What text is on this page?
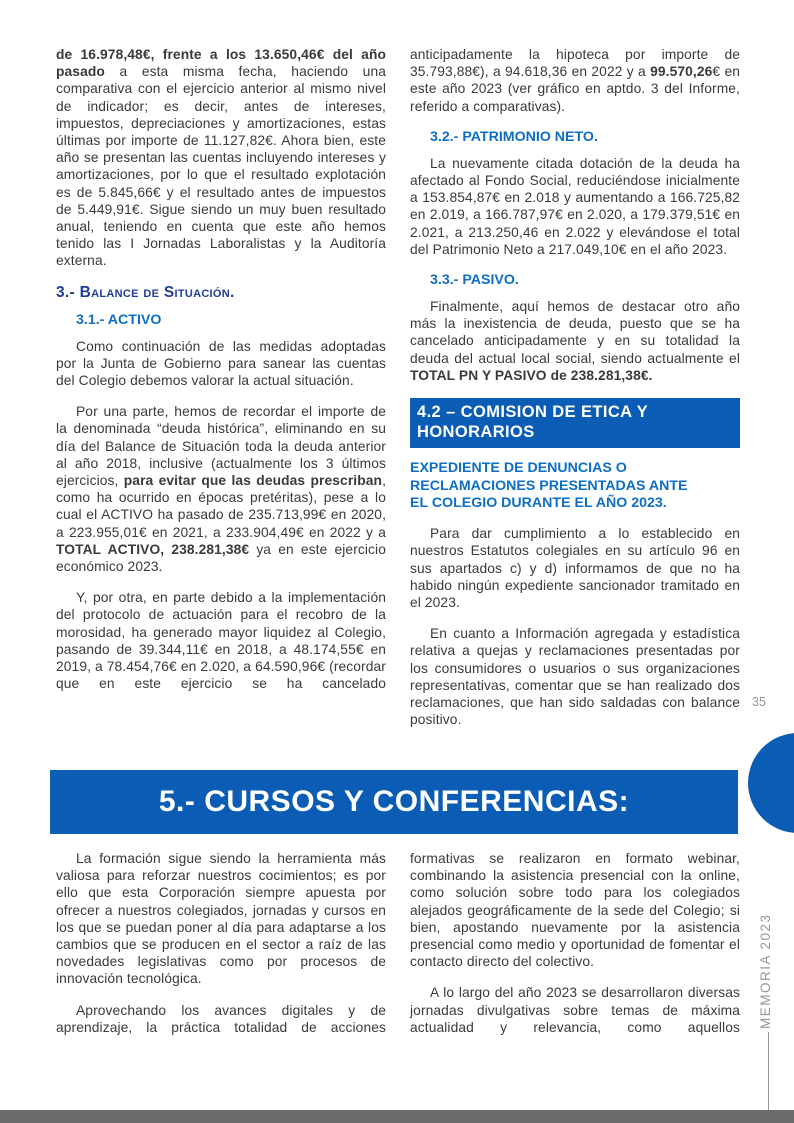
de 16.978,48€, frente a los 13.650,46€ del año pasado a esta misma fecha, haciendo una comparativa con el ejercicio anterior al mismo nivel de indicador; es decir, antes de intereses, impuestos, depreciaciones y amortizaciones, estas últimas por importe de 11.127,82€. Ahora bien, este año se presentan las cuentas incluyendo intereses y amortizaciones, por lo que el resultado explotación es de 5.845,66€ y el resultado antes de impuestos de 5.449,91€. Sigue siendo un muy buen resultado anual, teniendo en cuenta que este año hemos tenido las I Jornadas Laboralistas y la Auditoría externa.

3.- Balance de Situación.
3.1.- ACTIVO

Como continuación de las medidas adoptadas por la Junta de Gobierno para sanear las cuentas del Colegio debemos valorar la actual situación.

Por una parte, hemos de recordar el importe de la denominada “deuda histórica”, eliminando en su día del Balance de Situación toda la deuda anterior al año 2018, inclusive (actualmente los 3 últimos ejercicios, para evitar que las deudas prescriban, como ha ocurrido en épocas pretéritas), pese a lo cual el ACTIVO ha pasado de 235.713,99€ en 2020, a 223.955,01€ en 2021, a 233.904,49€ en 2022 y a TOTAL ACTIVO, 238.281,38€ ya en este ejercicio económico 2023.

Y, por otra, en parte debido a la implementación del protocolo de actuación para el recobro de la morosidad, ha generado mayor liquidez al Colegio, pasando de 39.344,11€ en 2018, a 48.174,55€ en 2019, a 78.454,76€ en 2.020, a 64.590,96€ (recordar que en este ejercicio se ha cancelado

anticipadamente la hipoteca por importe de 35.793,88€), a 94.618,36 en 2022 y a 99.570,26€ en este año 2023 (ver gráfico en aptdo. 3 del Informe, referido a comparativas).

3.2.- PATRIMONIO NETO.

La nuevamente citada dotación de la deuda ha afectado al Fondo Social, reduciéndose inicialmente a 153.854,87€ en 2.018 y aumentando a 166.725,82 en 2.019, a 166.787,97€ en 2.020, a 179.379,51€ en 2.021, a 213.250,46 en 2.022 y elevándose el total del Patrimonio Neto a 217.049,10€ en el año 2023.

3.3.- PASIVO.

Finalmente, aquí hemos de destacar otro año más la inexistencia de deuda, puesto que se ha cancelado anticipadamente y en su totalidad la deuda del actual local social, siendo actualmente el TOTAL PN Y PASIVO de 238.281,38€.

4.2 – COMISION DE ETICA Y HONORARIOS
EXPEDIENTE DE DENUNCIAS O RECLAMACIONES PRESENTADAS ANTE EL COLEGIO DURANTE EL AÑO 2023.

Para dar cumplimiento a lo establecido en nuestros Estatutos colegiales en su artículo 96 en sus apartados c) y d) informamos de que no ha habido ningún expediente sancionador tramitado en el 2023.

En cuanto a Información agregada y estadística relativa a quejas y reclamaciones presentadas por los consumidores o usuarios o sus organizaciones representativas, comentar que se han realizado dos reclamaciones, que han sido saldadas con balance positivo.

5.- CURSOS Y CONFERENCIAS:

La formación sigue siendo la herramienta más valiosa para reforzar nuestros cocimientos; es por ello que esta Corporación siempre apuesta por ofrecer a nuestros colegiados, jornadas y cursos en los que se puedan poner al día para adaptarse a los cambios que se producen en el sector a raíz de las novedades legislativas como por procesos de innovación tecnológica.

Aprovechando los avances digitales y de aprendizaje, la práctica totalidad de acciones

formativas se realizaron en formato webinar, combinando la asistencia presencial con la online, como solución sobre todo para los colegiados alejados geográficamente de la sede del Colegio; si bien, apostando nuevamente por la asistencia presencial como medio y oportunidad de fomentar el contacto directo del colectivo.

A lo largo del año 2023 se desarrollaron diversas jornadas divulgativas sobre temas de máxima actualidad y relevancia, como aquellos

35
MEMORIA 2023
